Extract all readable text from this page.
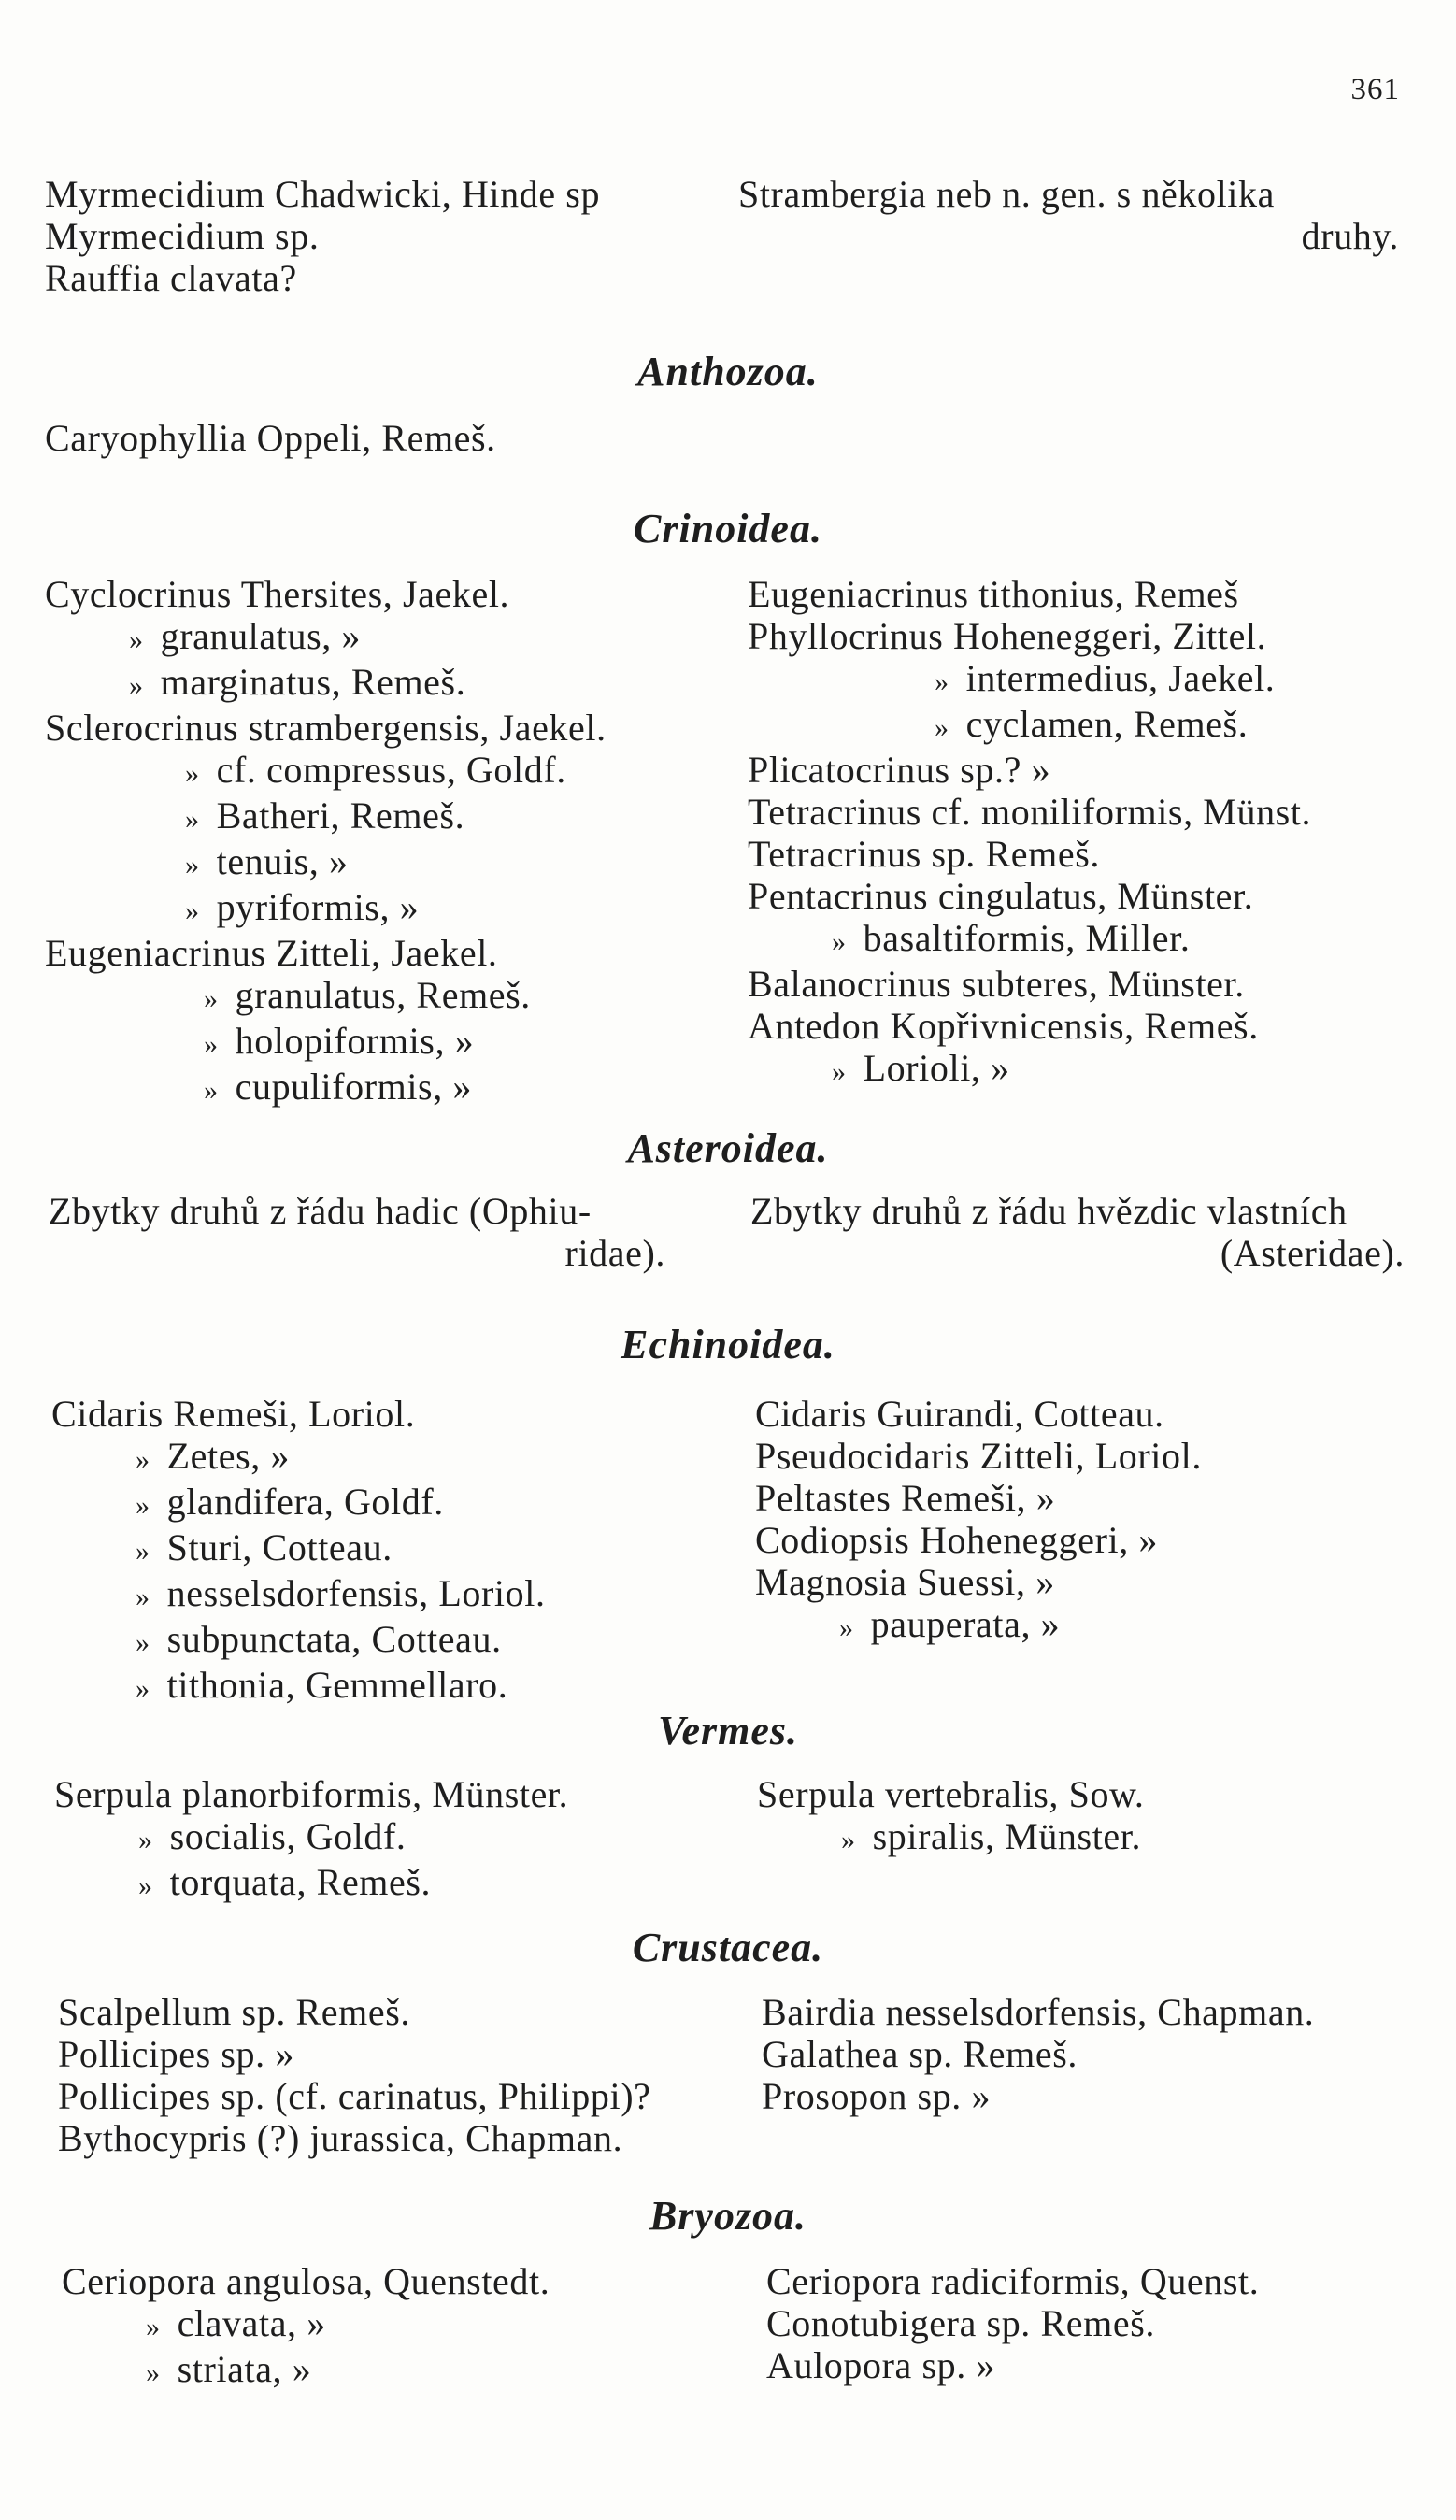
361
Myrmecidium Chadwicki, Hinde sp
Myrmecidium sp.
Rauffia clavata?
Strambergia neb n. gen. s několika
druhy.
Anthozoa.
Caryophyllia Oppeli, Remeš.
Crinoidea.
Cyclocrinus Thersites, Jaekel.
» granulatus, »
» marginatus, Remeš.
Sclerocrinus strambergensis, Jaekel.
» cf. compressus, Goldf.
» Batheri, Remeš.
» tenuis, »
» pyriformis, »
Eugeniacrinus Zitteli, Jaekel.
» granulatus, Remeš.
» holopiformis, »
» cupuliformis, »
Eugeniacrinus tithonius, Remeš
Phyllocrinus Hoheneggeri, Zittel.
» intermedius, Jaekel.
» cyclamen, Remeš.
Plicatocrinus sp.? »
Tetracrinus cf. moniliformis, Münst.
Tetracrinus sp. Remeš.
Pentacrinus cingulatus, Münster.
» basaltiformis, Miller.
Balanocrinus subteres, Münster.
Antedon Kopřivnicensis, Remeš.
» Lorioli, »
Asteroidea.
Zbytky druhů z řádu hadic (Ophiu-
ridae).
Zbytky druhů z řádu hvězdic vlastních
(Asteridae).
Echinoidea.
Cidaris Remeši, Loriol.
» Zetes, »
» glandifera, Goldf.
» Sturi, Cotteau.
» nesselsdorfensis, Loriol.
» subpunctata, Cotteau.
» tithonia, Gemmellaro.
Cidaris Guirandi, Cotteau.
Pseudocidaris Zitteli, Loriol.
Peltastes Remeši, »
Codiopsis Hoheneggeri, »
Magnosia Suessi, »
» pauperata, »
Vermes.
Serpula planorbiformis, Münster.
» socialis, Goldf.
» torquata, Remeš.
Serpula vertebralis, Sow.
» spiralis, Münster.
Crustacea.
Scalpellum sp. Remeš.
Pollicipes sp. »
Pollicipes sp. (cf. carinatus, Philippi)?
Bythocypris (?) jurassica, Chapman.
Bairdia nesselsdorfensis, Chapman.
Galathea sp. Remeš.
Prosopon sp. »
Bryozoa.
Ceriopora angulosa, Quenstedt.
» clavata, »
» striata, »
Ceriopora radiciformis, Quenst.
Conotubigera sp. Remeš.
Aulopora sp. »
